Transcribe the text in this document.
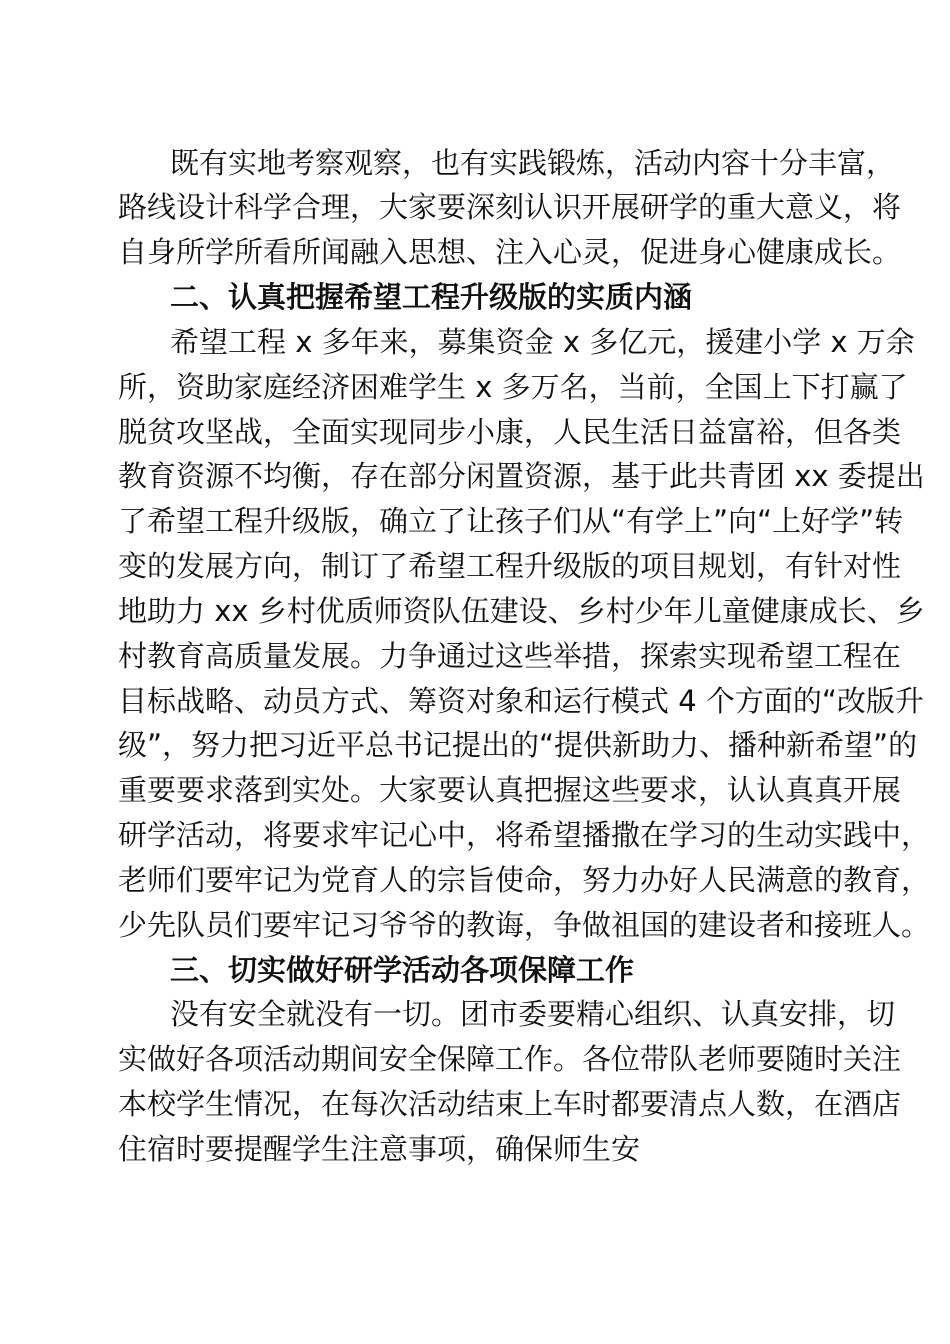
既有实地考察观察，也有实践锻炼，活动内容十分丰富，
路线设计科学合理，大家要深刻认识开展研学的重大意义，将
自身所学所看所闻融入思想、注入心灵，促进身心健康成长。
二、认真把握希望工程升级版的实质内涵
希望工程 x 多年来，募集资金 x 多亿元，援建小学 x 万余
所，资助家庭经济困难学生 x 多万名，当前，全国上下打赢了
脱贫攻坚战，全面实现同步小康，人民生活日益富裕，但各类
教育资源不均衡，存在部分闲置资源，基于此共青团 xx 委提出
了希望工程升级版，确立了让孩子们从“有学上”向“上好学”转
变的发展方向，制订了希望工程升级版的项目规划，有针对性
地助力 xx 乡村优质师资队伍建设、乡村少年儿童健康成长、乡
村教育高质量发展。力争通过这些举措，探索实现希望工程在
目标战略、动员方式、筹资对象和运行模式 4 个方面的“改版升
级”，努力把习近平总书记提出的“提供新助力、播种新希望”的
重要要求落到实处。大家要认真把握这些要求，认认真真开展
研学活动，将要求牢记心中，将希望播撒在学习的生动实践中，
老师们要牢记为党育人的宗旨使命，努力办好人民满意的教育，
少先队员们要牢记习爷爷的教诲，争做祖国的建设者和接班人。
三、切实做好研学活动各项保障工作
没有安全就没有一切。团市委要精心组织、认真安排，切
实做好各项活动期间安全保障工作。各位带队老师要随时关注
本校学生情况，在每次活动结束上车时都要清点人数，在酒店
住宿时要提醒学生注意事项，确保师生安
